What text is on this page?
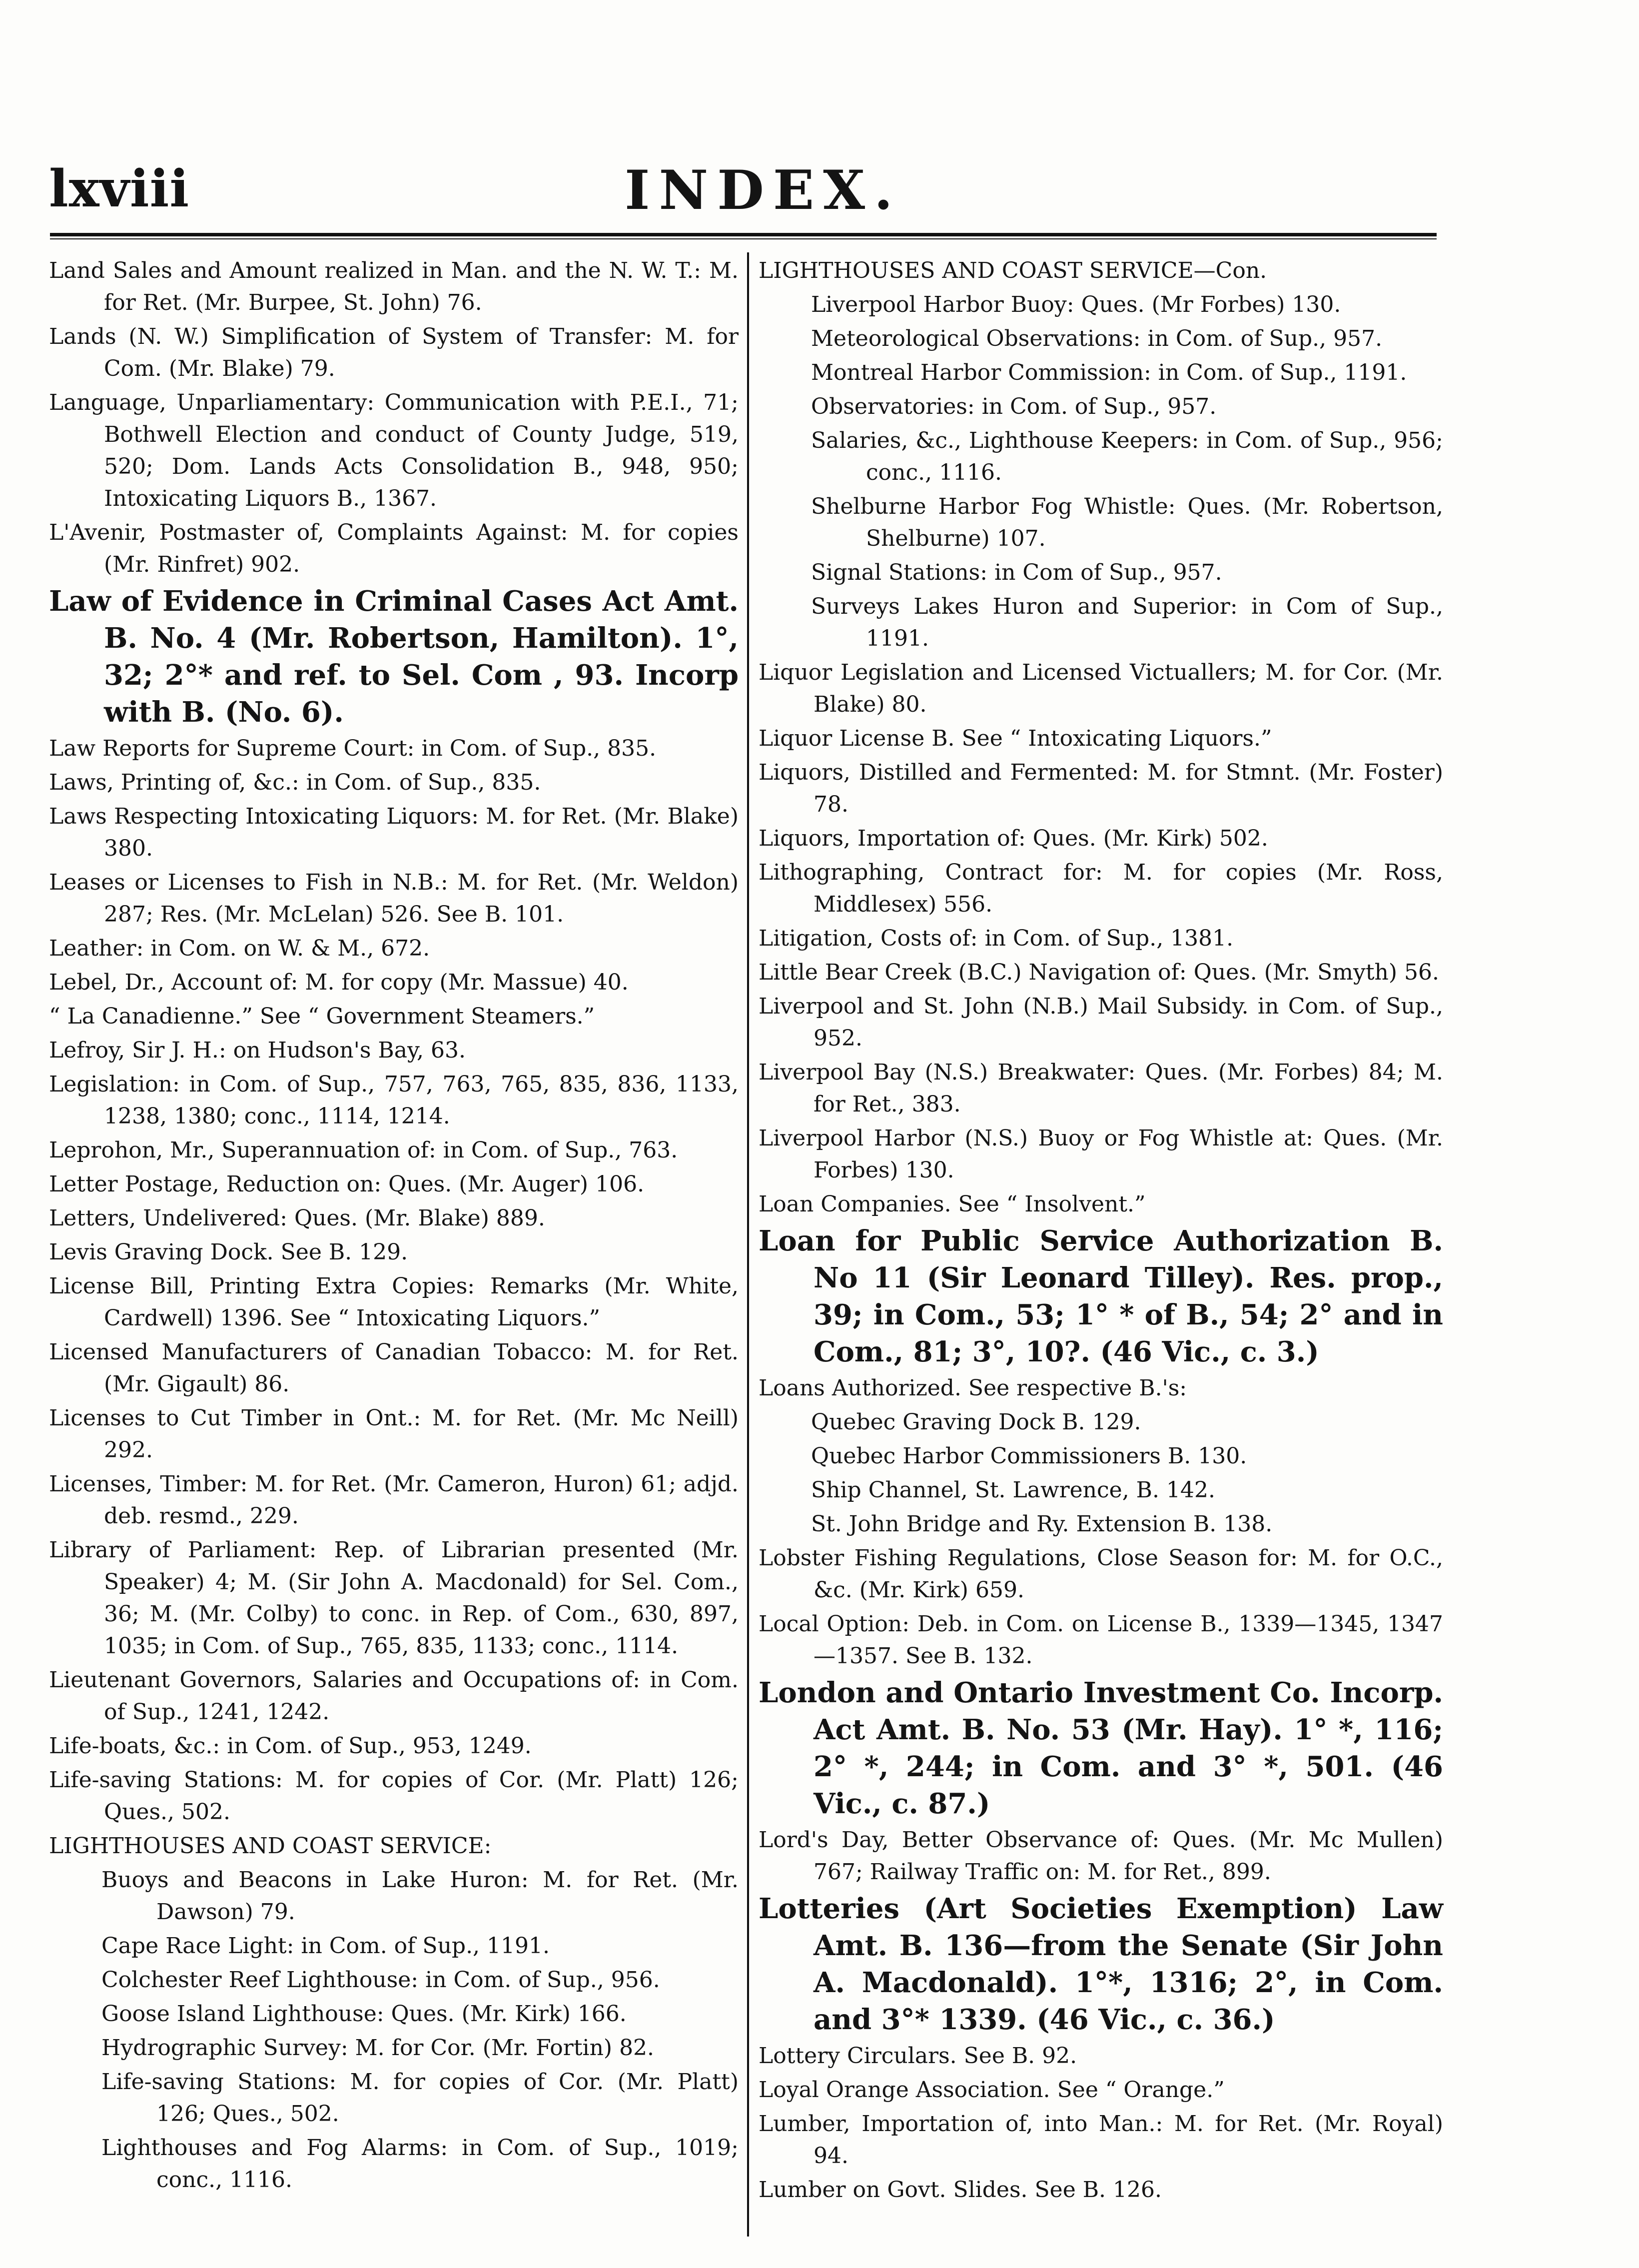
lxviii	INDEX.
Land Sales and Amount realized in Man. and the N. W. T.: M. for Ret. (Mr. Burpee, St. John) 76.
Lands (N. W.) Simplification of System of Transfer: M. for Com. (Mr. Blake) 79.
Language, Unparliamentary: Communication with P.E.I., 71; Bothwell Election and conduct of County Judge, 519, 520; Dom. Lands Acts Consolidation B., 948, 950; Intoxicating Liquors B., 1367.
L'Avenir, Postmaster of, Complaints Against: M. for copies (Mr. Rinfret) 902.
Law of Evidence in Criminal Cases Act Amt. B. No. 4 (Mr. Robertson, Hamilton). 1°, 32; 2°* and ref. to Sel. Com , 93. Incorp with B. (No. 6).
Law Reports for Supreme Court: in Com. of Sup., 835.
Laws, Printing of, &c.: in Com. of Sup., 835.
Laws Respecting Intoxicating Liquors: M. for Ret. (Mr. Blake) 380.
Leases or Licenses to Fish in N.B.: M. for Ret. (Mr. Weldon) 287; Res. (Mr. McLelan) 526. See B. 101.
Leather: in Com. on W. & M., 672.
Lebel, Dr., Account of: M. for copy (Mr. Massue) 40.
“ La Canadienne.” See “ Government Steamers.”
Lefroy, Sir J. H.: on Hudson's Bay, 63.
Legislation: in Com. of Sup., 757, 763, 765, 835, 836, 1133, 1238, 1380; conc., 1114, 1214.
Leprohon, Mr., Superannuation of: in Com. of Sup., 763.
Letter Postage, Reduction on: Ques. (Mr. Auger) 106.
Letters, Undelivered: Ques. (Mr. Blake) 889.
Levis Graving Dock. See B. 129.
License Bill, Printing Extra Copies: Remarks (Mr. White, Cardwell) 1396. See “ Intoxicating Liquors.”
Licensed Manufacturers of Canadian Tobacco: M. for Ret. (Mr. Gigault) 86.
Licenses to Cut Timber in Ont.: M. for Ret. (Mr. Mc Neill) 292.
Licenses, Timber: M. for Ret. (Mr. Cameron, Huron) 61; adjd. deb. resmd., 229.
Library of Parliament: Rep. of Librarian presented (Mr. Speaker) 4; M. (Sir John A. Macdonald) for Sel. Com., 36; M. (Mr. Colby) to conc. in Rep. of Com., 630, 897, 1035; in Com. of Sup., 765, 835, 1133; conc., 1114.
Lieutenant Governors, Salaries and Occupations of: in Com. of Sup., 1241, 1242.
Life-boats, &c.: in Com. of Sup., 953, 1249.
Life-saving Stations: M. for copies of Cor. (Mr. Platt) 126; Ques., 502.
LIGHTHOUSES AND COAST SERVICE:
Buoys and Beacons in Lake Huron: M. for Ret. (Mr. Dawson) 79.
Cape Race Light: in Com. of Sup., 1191.
Colchester Reef Lighthouse: in Com. of Sup., 956.
Goose Island Lighthouse: Ques. (Mr. Kirk) 166.
Hydrographic Survey: M. for Cor. (Mr. Fortin) 82.
Life-saving Stations: M. for copies of Cor. (Mr. Platt) 126; Ques., 502.
Lighthouses and Fog Alarms: in Com. of Sup., 1019; conc., 1116.
LIGHTHOUSES AND COAST SERVICE—Con.
Liverpool Harbor Buoy: Ques. (Mr Forbes) 130.
Meteorological Observations: in Com. of Sup., 957.
Montreal Harbor Commission: in Com. of Sup., 1191.
Observatories: in Com. of Sup., 957.
Salaries, &c., Lighthouse Keepers: in Com. of Sup., 956; conc., 1116.
Shelburne Harbor Fog Whistle: Ques. (Mr. Robertson, Shelburne) 107.
Signal Stations: in Com of Sup., 957.
Surveys Lakes Huron and Superior: in Com of Sup., 1191.
Liquor Legislation and Licensed Victuallers; M. for Cor. (Mr. Blake) 80.
Liquor License B. See “ Intoxicating Liquors.”
Liquors, Distilled and Fermented: M. for Stmnt. (Mr. Foster) 78.
Liquors, Importation of: Ques. (Mr. Kirk) 502.
Lithographing, Contract for: M. for copies (Mr. Ross, Middlesex) 556.
Litigation, Costs of: in Com. of Sup., 1381.
Little Bear Creek (B.C.) Navigation of: Ques. (Mr. Smyth) 56.
Liverpool and St. John (N.B.) Mail Subsidy. in Com. of Sup., 952.
Liverpool Bay (N.S.) Breakwater: Ques. (Mr. Forbes) 84; M. for Ret., 383.
Liverpool Harbor (N.S.) Buoy or Fog Whistle at: Ques. (Mr. Forbes) 130.
Loan Companies. See “ Insolvent.”
Loan for Public Service Authorization B. No 11 (Sir Leonard Tilley). Res. prop., 39; in Com., 53; 1° * of B., 54; 2° and in Com., 81; 3°, 10?. (46 Vic., c. 3.)
Loans Authorized. See respective B.'s:
Quebec Graving Dock B. 129.
Quebec Harbor Commissioners B. 130.
Ship Channel, St. Lawrence, B. 142.
St. John Bridge and Ry. Extension B. 138.
Lobster Fishing Regulations, Close Season for: M. for O.C., &c. (Mr. Kirk) 659.
Local Option: Deb. in Com. on License B., 1339—1345, 1347—1357. See B. 132.
London and Ontario Investment Co. Incorp. Act Amt. B. No. 53 (Mr. Hay). 1° *, 116; 2° *, 244; in Com. and 3° *, 501. (46 Vic., c. 87.)
Lord's Day, Better Observance of: Ques. (Mr. Mc Mullen) 767; Railway Traffic on: M. for Ret., 899.
Lotteries (Art Societies Exemption) Law Amt. B. 136—from the Senate (Sir John A. Macdonald). 1°*, 1316; 2°, in Com. and 3°* 1339. (46 Vic., c. 36.)
Lottery Circulars. See B. 92.
Loyal Orange Association. See “ Orange.”
Lumber, Importation of, into Man.: M. for Ret. (Mr. Royal) 94.
Lumber on Govt. Slides. See B. 126.
